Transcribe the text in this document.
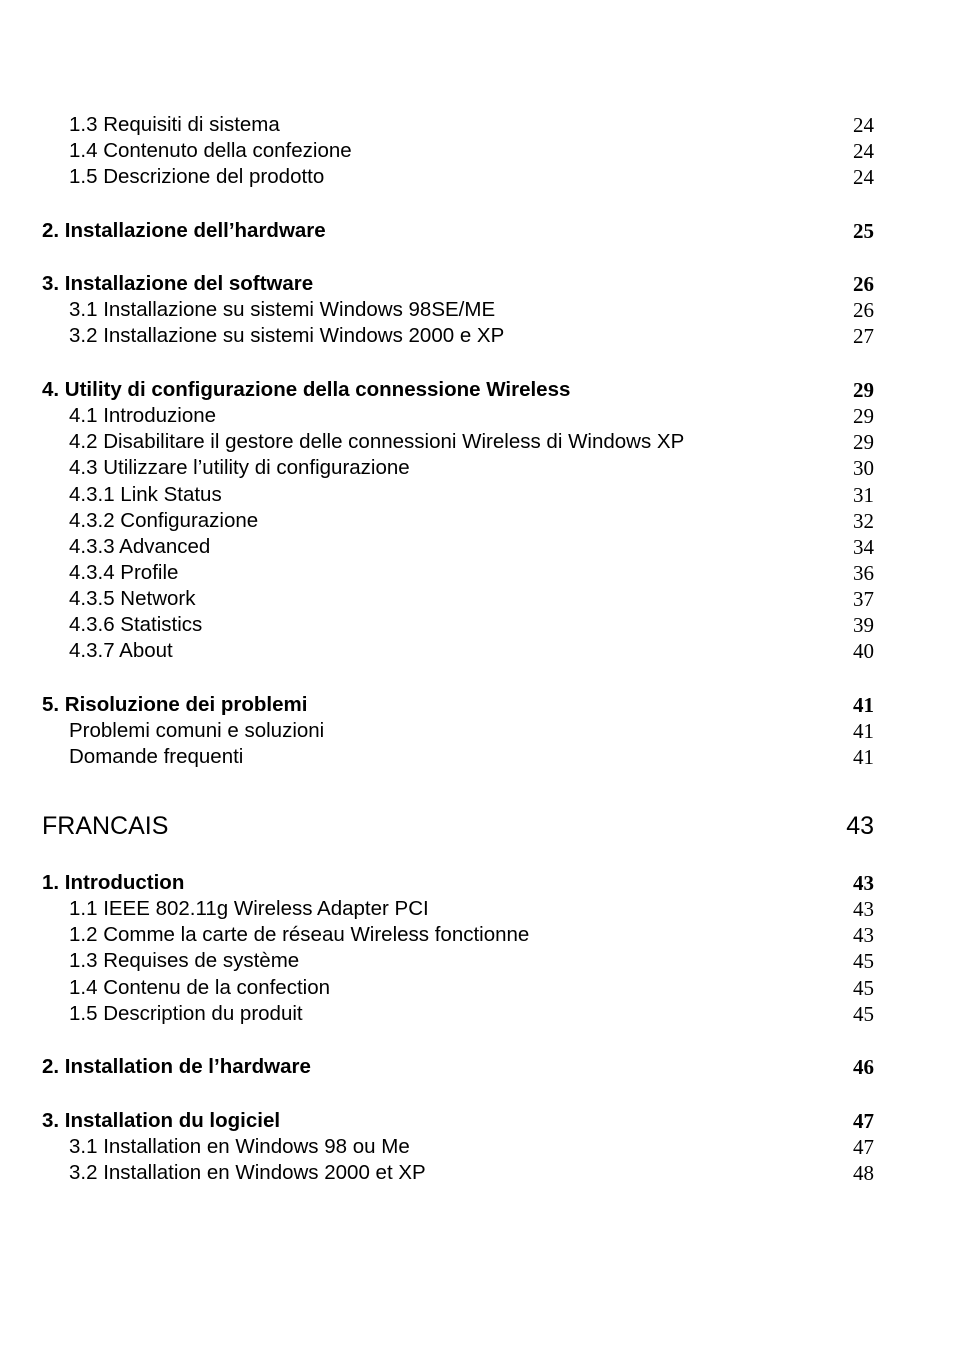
1.3 Requisiti di sistema	24
1.4 Contenuto della confezione	24
1.5 Descrizione del prodotto	24
2. Installazione dell’hardware	25
3. Installazione del software	26
3.1 Installazione su sistemi Windows 98SE/ME	26
3.2 Installazione su sistemi Windows 2000 e XP	27
4. Utility di configurazione della connessione Wireless	29
4.1 Introduzione	29
4.2 Disabilitare il gestore delle connessioni Wireless di Windows XP	29
4.3 Utilizzare l’utility di configurazione	30
4.3.1 Link Status	31
4.3.2 Configurazione	32
4.3.3 Advanced	34
4.3.4 Profile	36
4.3.5 Network	37
4.3.6 Statistics	39
4.3.7 About	40
5. Risoluzione dei problemi	41
Problemi comuni e soluzioni	41
Domande frequenti	41
FRANCAIS	43
1. Introduction	43
1.1 IEEE 802.11g Wireless Adapter PCI	43
1.2 Comme la carte de réseau Wireless fonctionne	43
1.3 Requises de système	45
1.4 Contenu de la confection	45
1.5 Description du produit	45
2. Installation de l’hardware	46
3. Installation du logiciel	47
3.1 Installation en Windows 98 ou Me	47
3.2 Installation en Windows 2000 et XP	48
